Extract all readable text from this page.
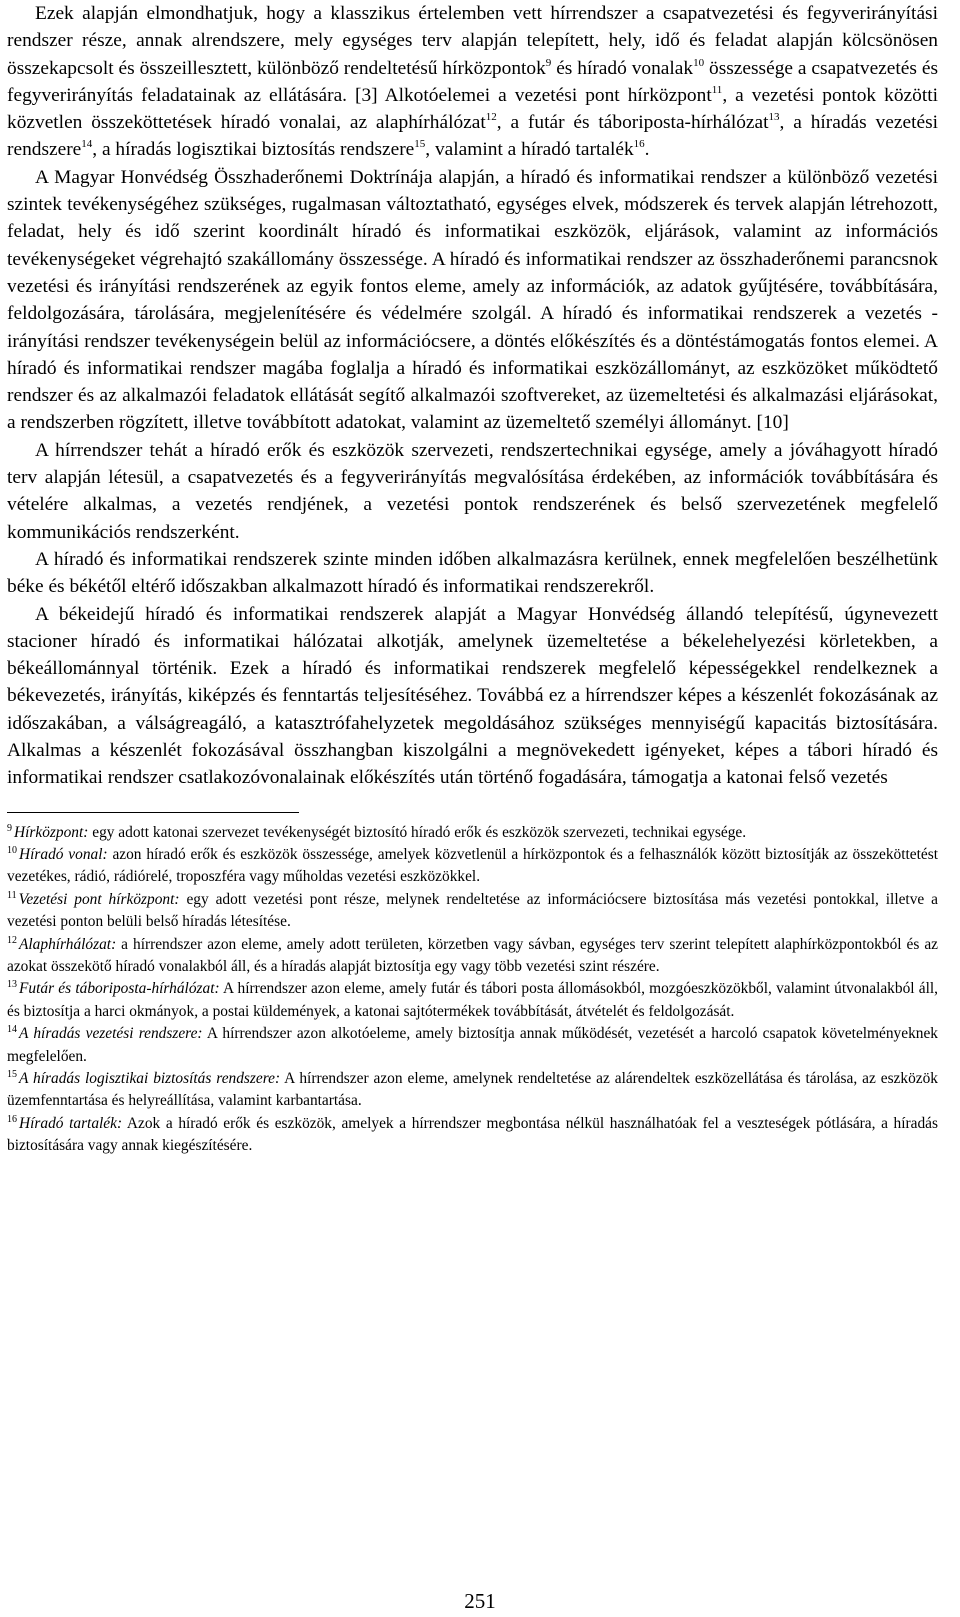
Ezek alapján elmondhatjuk, hogy a klasszikus értelemben vett hírrendszer a csapatvezetési és fegyverirányítási rendszer része, annak alrendszere, mely egységes terv alapján telepített, hely, idő és feladat alapján kölcsönösen összekapcsolt és összeillesztett, különböző rendeltetésű hírközpontok$^9$ és híradó vonalak$^{10}$ összessége a csapatvezetés és fegyverirányítás feladatainak az ellátására. [3] Alkotóelemei a vezetési pont hírközpont$^{11}$, a vezetési pontok közötti közvetlen összeköttetések híradó vonalai, az alaphírhálózat$^{12}$, a futár és táboriposta-hírhálózat$^{13}$, a híradás vezetési rendszere$^{14}$, a híradás logisztikai biztosítás rendszere$^{15}$, valamint a híradó tartalék$^{16}$.

A Magyar Honvédség Összhaderőnemi Doktrínája alapján, a híradó és informatikai rendszer a különböző vezetési szintek tevékenységéhez szükséges, rugalmasan változtatható, egységes elvek, módszerek és tervek alapján létrehozott, feladat, hely és idő szerint koordinált híradó és informatikai eszközök, eljárások, valamint az információs tevékenységeket végrehajtó szakállomány összessége. A híradó és informatikai rendszer az összhaderőnemi parancsnok vezetési és irányítási rendszerének az egyik fontos eleme, amely az információk, az adatok gyűjtésére, továbbítására, feldolgozására, tárolására, megjelenítésére és védelmére szolgál. A híradó és informatikai rendszerek a vezetés - irányítási rendszer tevékenységein belül az információcsere, a döntés előkészítés és a döntéstámogatás fontos elemei. A híradó és informatikai rendszer magába foglalja a híradó és informatikai eszközállományt, az eszközöket működtető rendszer és az alkalmazói feladatok ellátását segítő alkalmazói szoftvereket, az üzemeltetési és alkalmazási eljárásokat, a rendszerben rögzített, illetve továbbított adatokat, valamint az üzemeltető személyi állományt. [10]

A hírrendszer tehát a híradó erők és eszközök szervezeti, rendszertechnikai egysége, amely a jóváhagyott híradó terv alapján létesül, a csapatvezetés és a fegyverirányítás megvalósítása érdekében, az információk továbbítására és vételére alkalmas, a vezetés rendjének, a vezetési pontok rendszerének és belső szervezetének megfelelő kommunikációs rendszerként.

A híradó és informatikai rendszerek szinte minden időben alkalmazásra kerülnek, ennek megfelelően beszélhetünk béke és békétől eltérő időszakban alkalmazott híradó és informatikai rendszerekről.

A békeidejű híradó és informatikai rendszerek alapját a Magyar Honvédség állandó telepítésű, úgynevezett stacioner híradó és informatikai hálózatai alkotják, amelynek üzemeltetése a békelehelyezési körletekben, a békeállománnyal történik. Ezek a híradó és informatikai rendszerek megfelelő képességekkel rendelkeznek a békevezetés, irányítás, kiképzés és fenntartás teljesítéséhez. Továbbá ez a hírrendszer képes a készenlét fokozásának az időszakában, a válságreagáló, a katasztrófahelyzetek megoldásához szükséges mennyiségű kapacitás biztosítására. Alkalmas a készenlét fokozásával összhangban kiszolgálni a megnövekedett igényeket, képes a tábori híradó és informatikai rendszer csatlakozóvonalainak előkészítés után történő fogadására, támogatja a katonai felső vezetés

$^9$ Hírközpont: egy adott katonai szervezet tevékenységét biztosító híradó erők és eszközök szervezeti, technikai egysége.

$^{10}$ Híradó vonal: azon híradó erők és eszközök összessége, amelyek közvetlenül a hírközpontok és a felhasználók között biztosítják az összeköttetést vezetékes, rádió, rádiórelé, troposzféra vagy műholdas vezetési eszközökkel.

$^{11}$ Vezetési pont hírközpont: egy adott vezetési pont része, melynek rendeltetése az információcsere biztosítása más vezetési pontokkal, illetve a vezetési ponton belüli belső híradás létesítése.

$^{12}$ Alaphírhálózat: a hírrendszer azon eleme, amely adott területen, körzetben vagy sávban, egységes terv szerint telepített alaphírközpontokból és az azokat összekötő híradó vonalakból áll, és a híradás alapját biztosítja egy vagy több vezetési szint részére.

$^{13}$ Futár és táboriposta-hírhálózat: A hírrendszer azon eleme, amely futár és tábori posta állomásokból, mozgóeszközökből, valamint útvonalakból áll, és biztosítja a harci okmányok, a postai küldemények, a katonai sajtótermékek továbbítását, átvételét és feldolgozását.

$^{14}$ A híradás vezetési rendszere: A hírrendszer azon alkotóeleme, amely biztosítja annak működését, vezetését a harcoló csapatok követelményeknek megfelelően.

$^{15}$ A híradás logisztikai biztosítás rendszere: A hírrendszer azon eleme, amelynek rendeltetése az alárendeltek eszközellátása és tárolása, az eszközök üzemfenntartása és helyreállítása, valamint karbantartása.

$^{16}$ Híradó tartalék: Azok a híradó erők és eszközök, amelyek a hírrendszer megbontása nélkül használhatóak fel a veszteségek pótlására, a híradás biztosítására vagy annak kiegészítésére.

251
